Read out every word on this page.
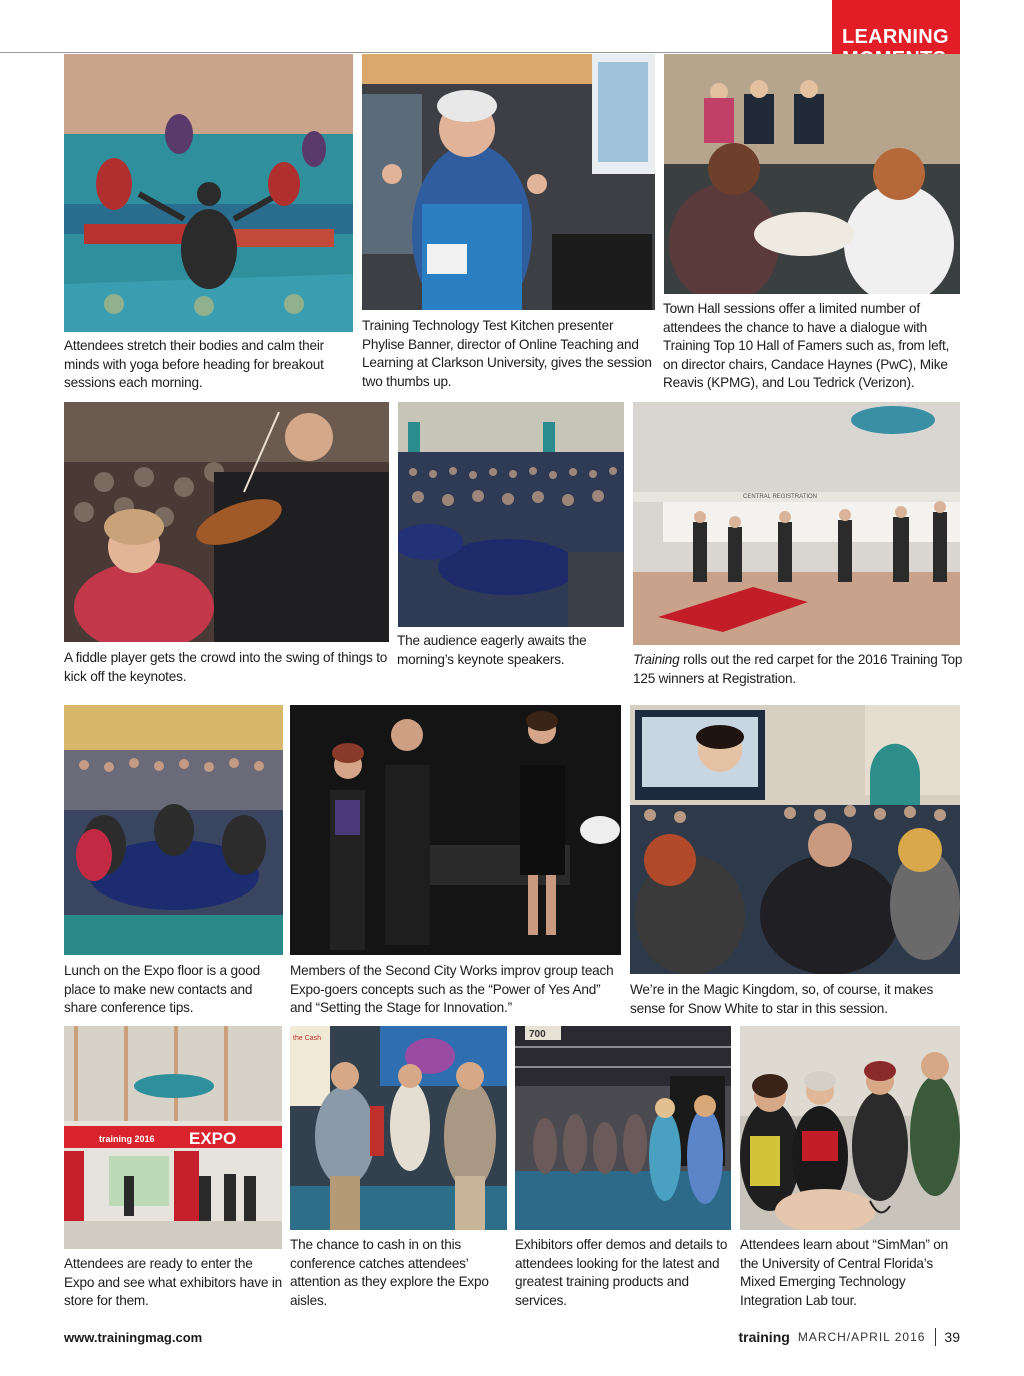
LEARNING
Attendees stretch their bodies and calm their minds with yoga before heading for breakout sessions each morning.
Training Technology Test Kitchen presenter Phylise Banner, director of Online Teaching and Learning at Clarkson University, gives the session two thumbs up.
Town Hall sessions offer a limited number of attendees the chance to have a dialogue with Training Top 10 Hall of Famers such as, from left, on director chairs, Candace Haynes (PwC), Mike Reavis (KPMG), and Lou Tedrick (Verizon).
A fiddle player gets the crowd into the swing of things to kick off the keynotes.
The audience eagerly awaits the morning’s keynote speakers.
CENTRAL REGISTRATION
Training rolls out the red carpet for the 2016 Training Top 125 winners at Registration.
Lunch on the Expo floor is a good place to make new contacts and share conference tips.
Members of the Second City Works improv group teach Expo-goers concepts such as the “Power of Yes And” and “Setting the Stage for Innovation.”
We’re in the Magic Kingdom, so, of course, it makes sense for Snow White to star in this session.
EXPO
training 2016
Attendees are ready to enter the Expo and see what exhibitors have in store for them.
the Cash
The chance to cash in on this conference catches attendees’ attention as they explore the Expo aisles.
700
Exhibitors offer demos and details to attendees looking for the latest and greatest training products and services.
Attendees learn about “SimMan” on the University of Central Florida’s Mixed Emerging Technology Integration Lab tour.
www.trainingmag.com	training MARCH/APRIL 2016 39
